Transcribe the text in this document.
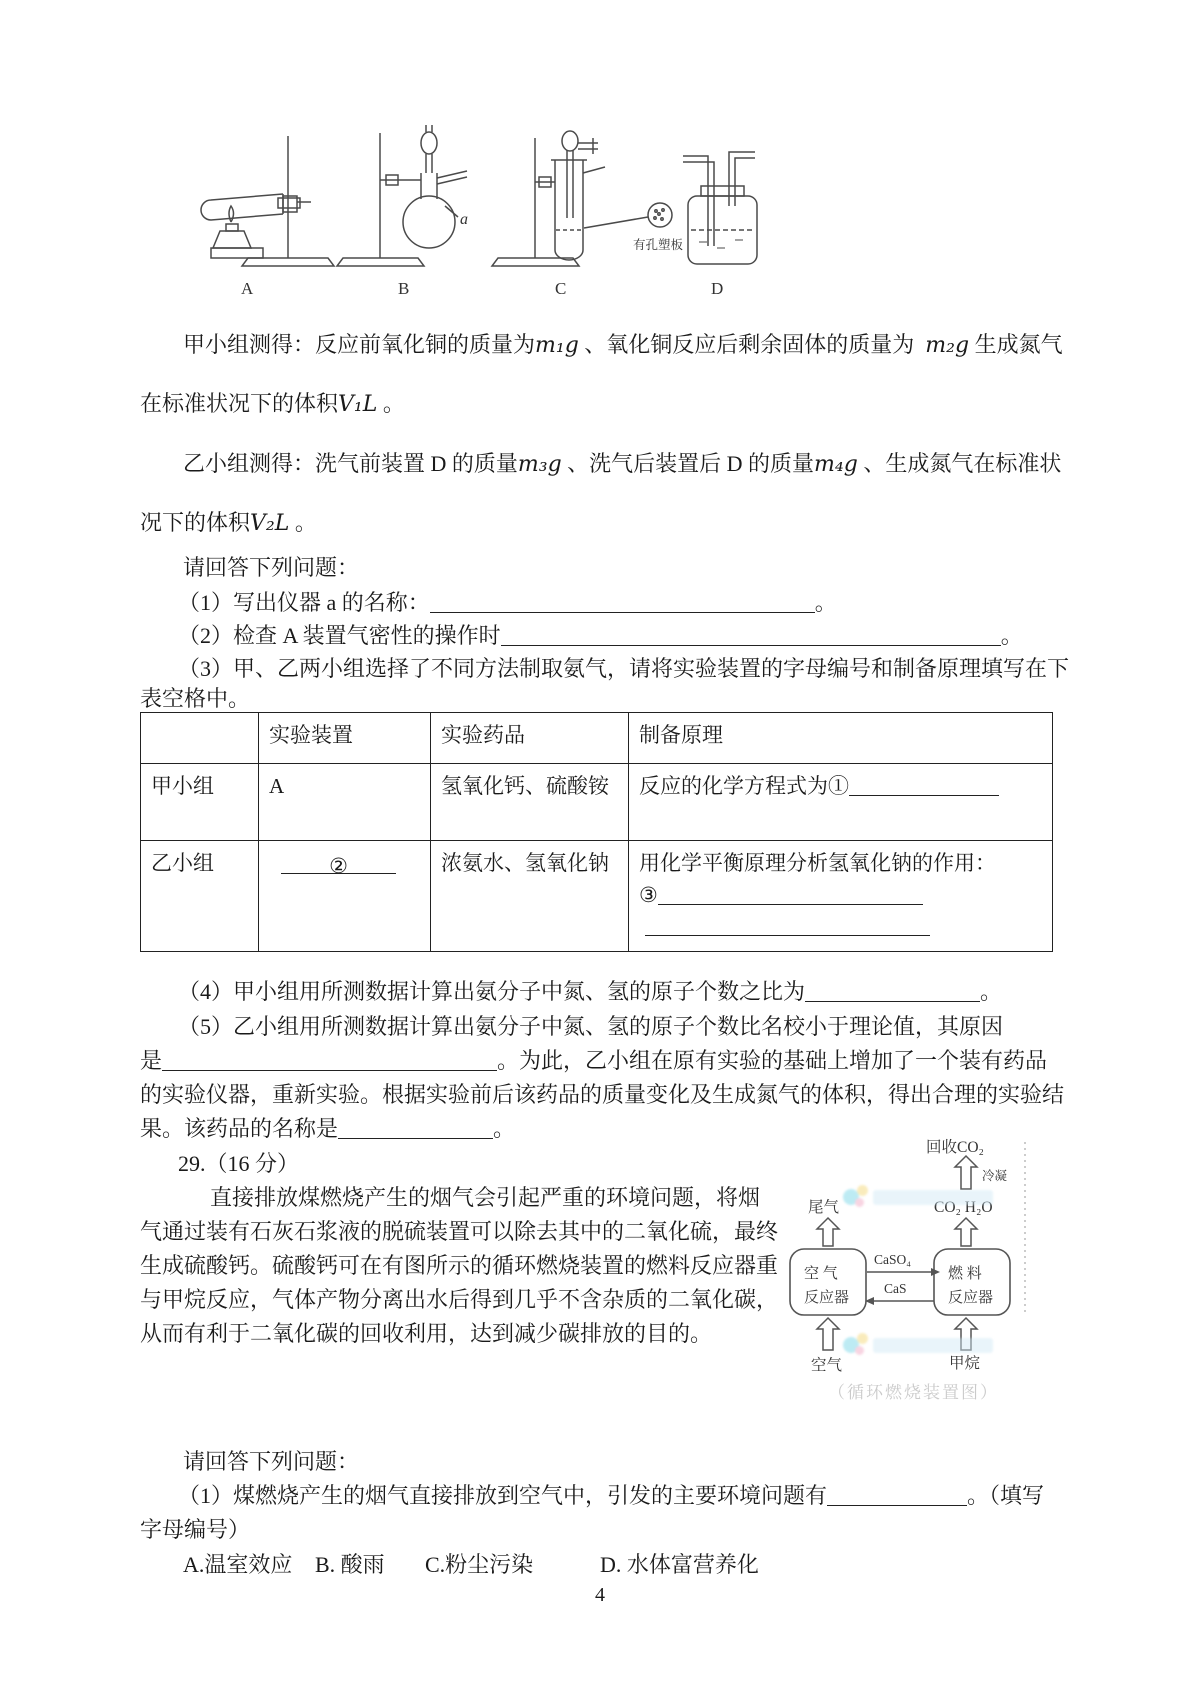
a
有孔塑板
A	B	C	D
甲小组测得：反应前氧化铜的质量为m₁g 、氧化铜反应后剩余固体的质量为 m₂g 生成氮气
在标准状况下的体积V₁L 。
乙小组测得：洗气前装置 D 的质量m₃g 、洗气后装置后 D 的质量m₄g 、生成氮气在标准状
况下的体积V₂L 。
请回答下列问题：
（1）写出仪器 a 的名称：	。
（2）检查 A 装置气密性的操作时	。
（3）甲、乙两小组选择了不同方法制取氨气，请将实验装置的字母编号和制备原理填写在下
表空格中。
	实验装置	实验药品	制备原理
甲小组	A	氢氧化钙、硫酸铵	反应的化学方程式为①
乙小组	②	浓氨水、氢氧化钠	用化学平衡原理分析氢氧化钠的作用：
③

（4）甲小组用所测数据计算出氨分子中氮、氢的原子个数之比为	。
（5）乙小组用所测数据计算出氨分子中氮、氢的原子个数比名校小于理论值，其原因
是	。为此，乙小组在原有实验的基础上增加了一个装有药品
的实验仪器，重新实验。根据实验前后该药品的质量变化及生成氮气的体积，得出合理的实验结
果。该药品的名称是	。
29.（16 分）
直接排放煤燃烧产生的烟气会引起严重的环境问题，将烟
气通过装有石灰石浆液的脱硫装置可以除去其中的二氧化硫，最终
生成硫酸钙。硫酸钙可在有图所示的循环燃烧装置的燃料反应器重
与甲烷反应，气体产物分离出水后得到几乎不含杂质的二氧化碳，
从而有利于二氧化碳的回收利用，达到减少碳排放的目的。
回收CO₂
冷凝
CO₂ H₂O
尾气
空 气
反应器
燃 料
反应器
CaSO₄
CaS
空气	甲烷
（循环燃烧装置图）
请回答下列问题：
（1）煤燃烧产生的烟气直接排放到空气中，引发的主要环境问题有	。（填写
字母编号）
A.温室效应 B. 酸雨 C.粉尘污染	D. 水体富营养化
4
